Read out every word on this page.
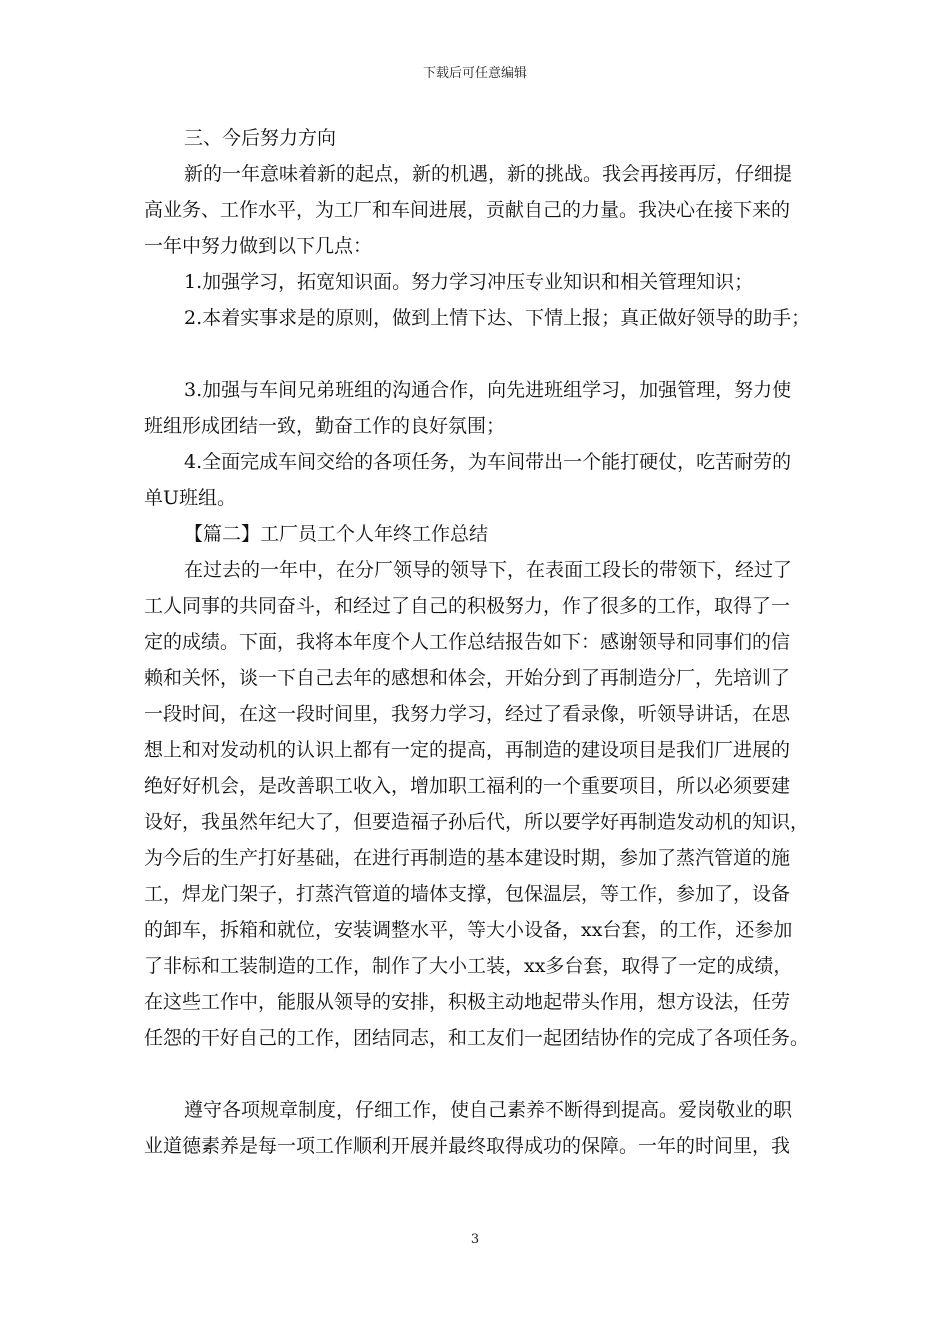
下载后可任意编辑
三、今后努力方向
新的一年意味着新的起点，新的机遇，新的挑战。我会再接再厉，仔细提
高业务、工作水平，为工厂和车间进展，贡献自己的力量。我决心在接下来的
一年中努力做到以下几点：
1.加强学习，拓宽知识面。努力学习冲压专业知识和相关管理知识；
2.本着实事求是的原则，做到上情下达、下情上报；真正做好领导的助手；
3.加强与车间兄弟班组的沟通合作，向先进班组学习，加强管理，努力使
班组形成团结一致，勤奋工作的良好氛围；
4.全面完成车间交给的各项任务，为车间带出一个能打硬仗，吃苦耐劳的
单U班组。
【篇二】工厂员工个人年终工作总结
在过去的一年中，在分厂领导的领导下，在表面工段长的带领下，经过了
工人同事的共同奋斗，和经过了自己的积极努力，作了很多的工作，取得了一
定的成绩。下面，我将本年度个人工作总结报告如下：感谢领导和同事们的信
赖和关怀，谈一下自己去年的感想和体会，开始分到了再制造分厂，先培训了
一段时间，在这一段时间里，我努力学习，经过了看录像，听领导讲话，在思
想上和对发动机的认识上都有一定的提高，再制造的建设项目是我们厂进展的
绝好好机会，是改善职工收入，增加职工福利的一个重要项目，所以必须要建
设好，我虽然年纪大了，但要造福子孙后代，所以要学好再制造发动机的知识，
为今后的生产打好基础，在进行再制造的基本建设时期，参加了蒸汽管道的施
工，焊龙门架子，打蒸汽管道的墙体支撑，包保温层，等工作，参加了，设备
的卸车，拆箱和就位，安装调整水平，等大小设备，xx台套，的工作，还参加
了非标和工装制造的工作，制作了大小工装，xx多台套，取得了一定的成绩，
在这些工作中，能服从领导的安排，积极主动地起带头作用，想方设法，任劳
任怨的干好自己的工作，团结同志，和工友们一起团结协作的完成了各项任务。
遵守各项规章制度，仔细工作，使自己素养不断得到提高。爱岗敬业的职
业道德素养是每一项工作顺利开展并最终取得成功的保障。一年的时间里，我
3
